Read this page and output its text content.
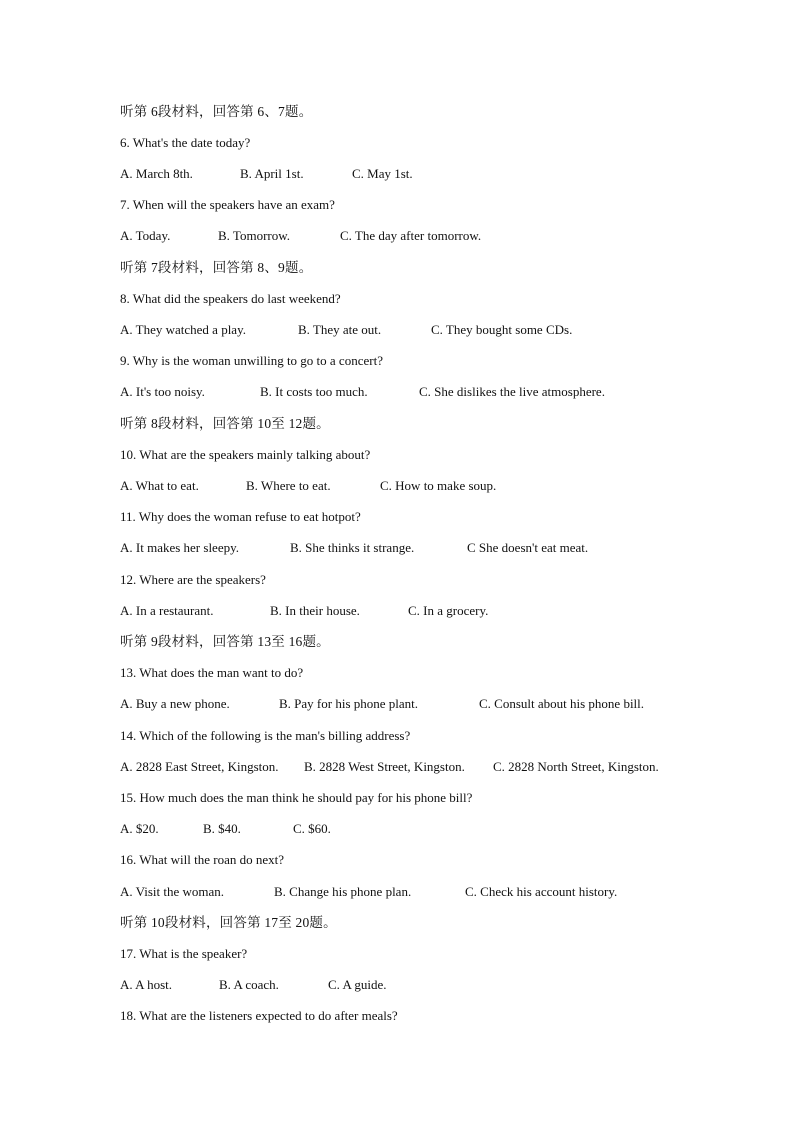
听第 6段材料，回答第 6、7题。
6. What's the date today?
A. March 8th.	B. April 1st.	C. May 1st.
7. When will the speakers have an exam?
A. Today.	B. Tomorrow.	C. The day after tomorrow.
听第 7段材料，回答第 8、9题。
8. What did the speakers do last weekend?
A. They watched a play.	B. They ate out.	C. They bought some CDs.
9. Why is the woman unwilling to go to a concert?
A. It's too noisy.	B. It costs too much.	C. She dislikes the live atmosphere.
听第 8段材料，回答第 10至 12题。
10. What are the speakers mainly talking about?
A. What to eat.	B. Where to eat.	C. How to make soup.
11. Why does the woman refuse to eat hotpot?
A. It makes her sleepy.	B. She thinks it strange.	C She doesn't eat meat.
12. Where are the speakers?
A. In a restaurant.	B. In their house.	C. In a grocery.
听第 9段材料，回答第 13至 16题。
13. What does the man want to do?
A. Buy a new phone.	B. Pay for his phone plant.	C. Consult about his phone bill.
14. Which of the following is the man's billing address?
A. 2828 East Street, Kingston. B. 2828 West Street, Kingston. C. 2828 North Street, Kingston.
15. How much does the man think he should pay for his phone bill?
A. $20.	B. $40.	C. $60.
16. What will the roan do next?
A. Visit the woman.	B. Change his phone plan.	C. Check his account history.
听第 10段材料，回答第 17至 20题。
17. What is the speaker?
A. A host.	B. A coach.	C. A guide.
18. What are the listeners expected to do after meals?
